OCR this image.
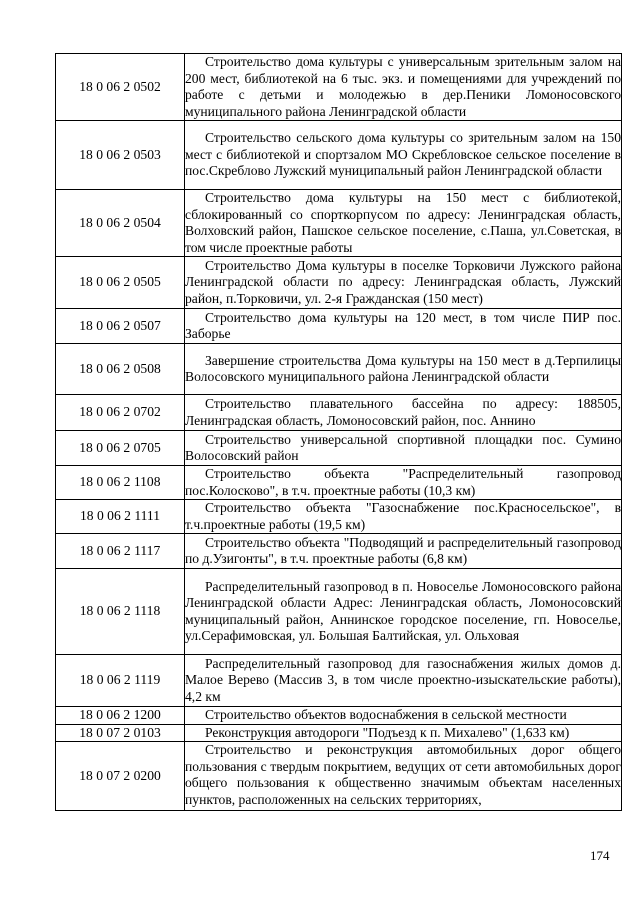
18 0 06 2 0502	Строительство дома культуры с универсальным зрительным залом на 200 мест, библиотекой на 6 тыс. экз. и помещениями для учреждений по работе с детьми и молодежью в дер.Пеники Ломоносовского муниципального района Ленинградской области
18 0 06 2 0503	Строительство сельского дома культуры со зрительным залом на 150 мест с библиотекой и спортзалом МО Скребловское сельское поселение в пос.Скреблово Лужский муниципальный район Ленинградской области
18 0 06 2 0504	Строительство дома культуры на 150 мест с библиотекой, сблокированный со спорткорпусом по адресу: Ленинградская область, Волховский район, Пашское сельское поселение, с.Паша, ул.Советская, в том числе проектные работы
18 0 06 2 0505	Строительство Дома культуры в поселке Торковичи Лужского района Ленинградской области по адресу: Ленинградская область, Лужский район, п.Торковичи, ул. 2-я Гражданская (150 мест)
18 0 06 2 0507	Строительство дома культуры на 120 мест, в том числе ПИР пос. Заборье
18 0 06 2 0508	Завершение строительства Дома культуры на 150 мест в д.Терпилицы Волосовского муниципального района Ленинградской области
18 0 06 2 0702	Строительство плавательного бассейна по адресу: 188505, Ленинградская область, Ломоносовский район, пос. Аннино
18 0 06 2 0705	Строительство универсальной спортивной площадки пос. Сумино Волосовский район
18 0 06 2 1108	Строительство объекта "Распределительный газопровод пос.Колосково", в т.ч. проектные работы (10,3 км)
18 0 06 2 1111	Строительство объекта "Газоснабжение пос.Красносельское", в т.ч.проектные работы (19,5 км)
18 0 06 2 1117	Строительство объекта "Подводящий и распределительный газопровод по д.Узигонты", в т.ч. проектные работы (6,8 км)
18 0 06 2 1118	Распределительный газопровод в п. Новоселье Ломоносовского района Ленинградской области Адрес: Ленинградская область, Ломоносовский муниципальный район, Аннинское городское поселение, гп. Новоселье, ул.Серафимовская, ул. Большая Балтийская, ул. Ольховая
18 0 06 2 1119	Распределительный газопровод для газоснабжения жилых домов д. Малое Верево (Массив 3, в том числе проектно-изыскательские работы), 4,2 км
18 0 06 2 1200	Строительство объектов водоснабжения в сельской местности
18 0 07 2 0103	Реконструкция автодороги "Подъезд к п. Михалево" (1,633 км)
18 0 07 2 0200	Строительство и реконструкция автомобильных дорог общего пользования с твердым покрытием, ведущих от сети автомобильных дорог общего пользования к общественно значимым объектам населенных пунктов, расположенных на сельских территориях,
174
